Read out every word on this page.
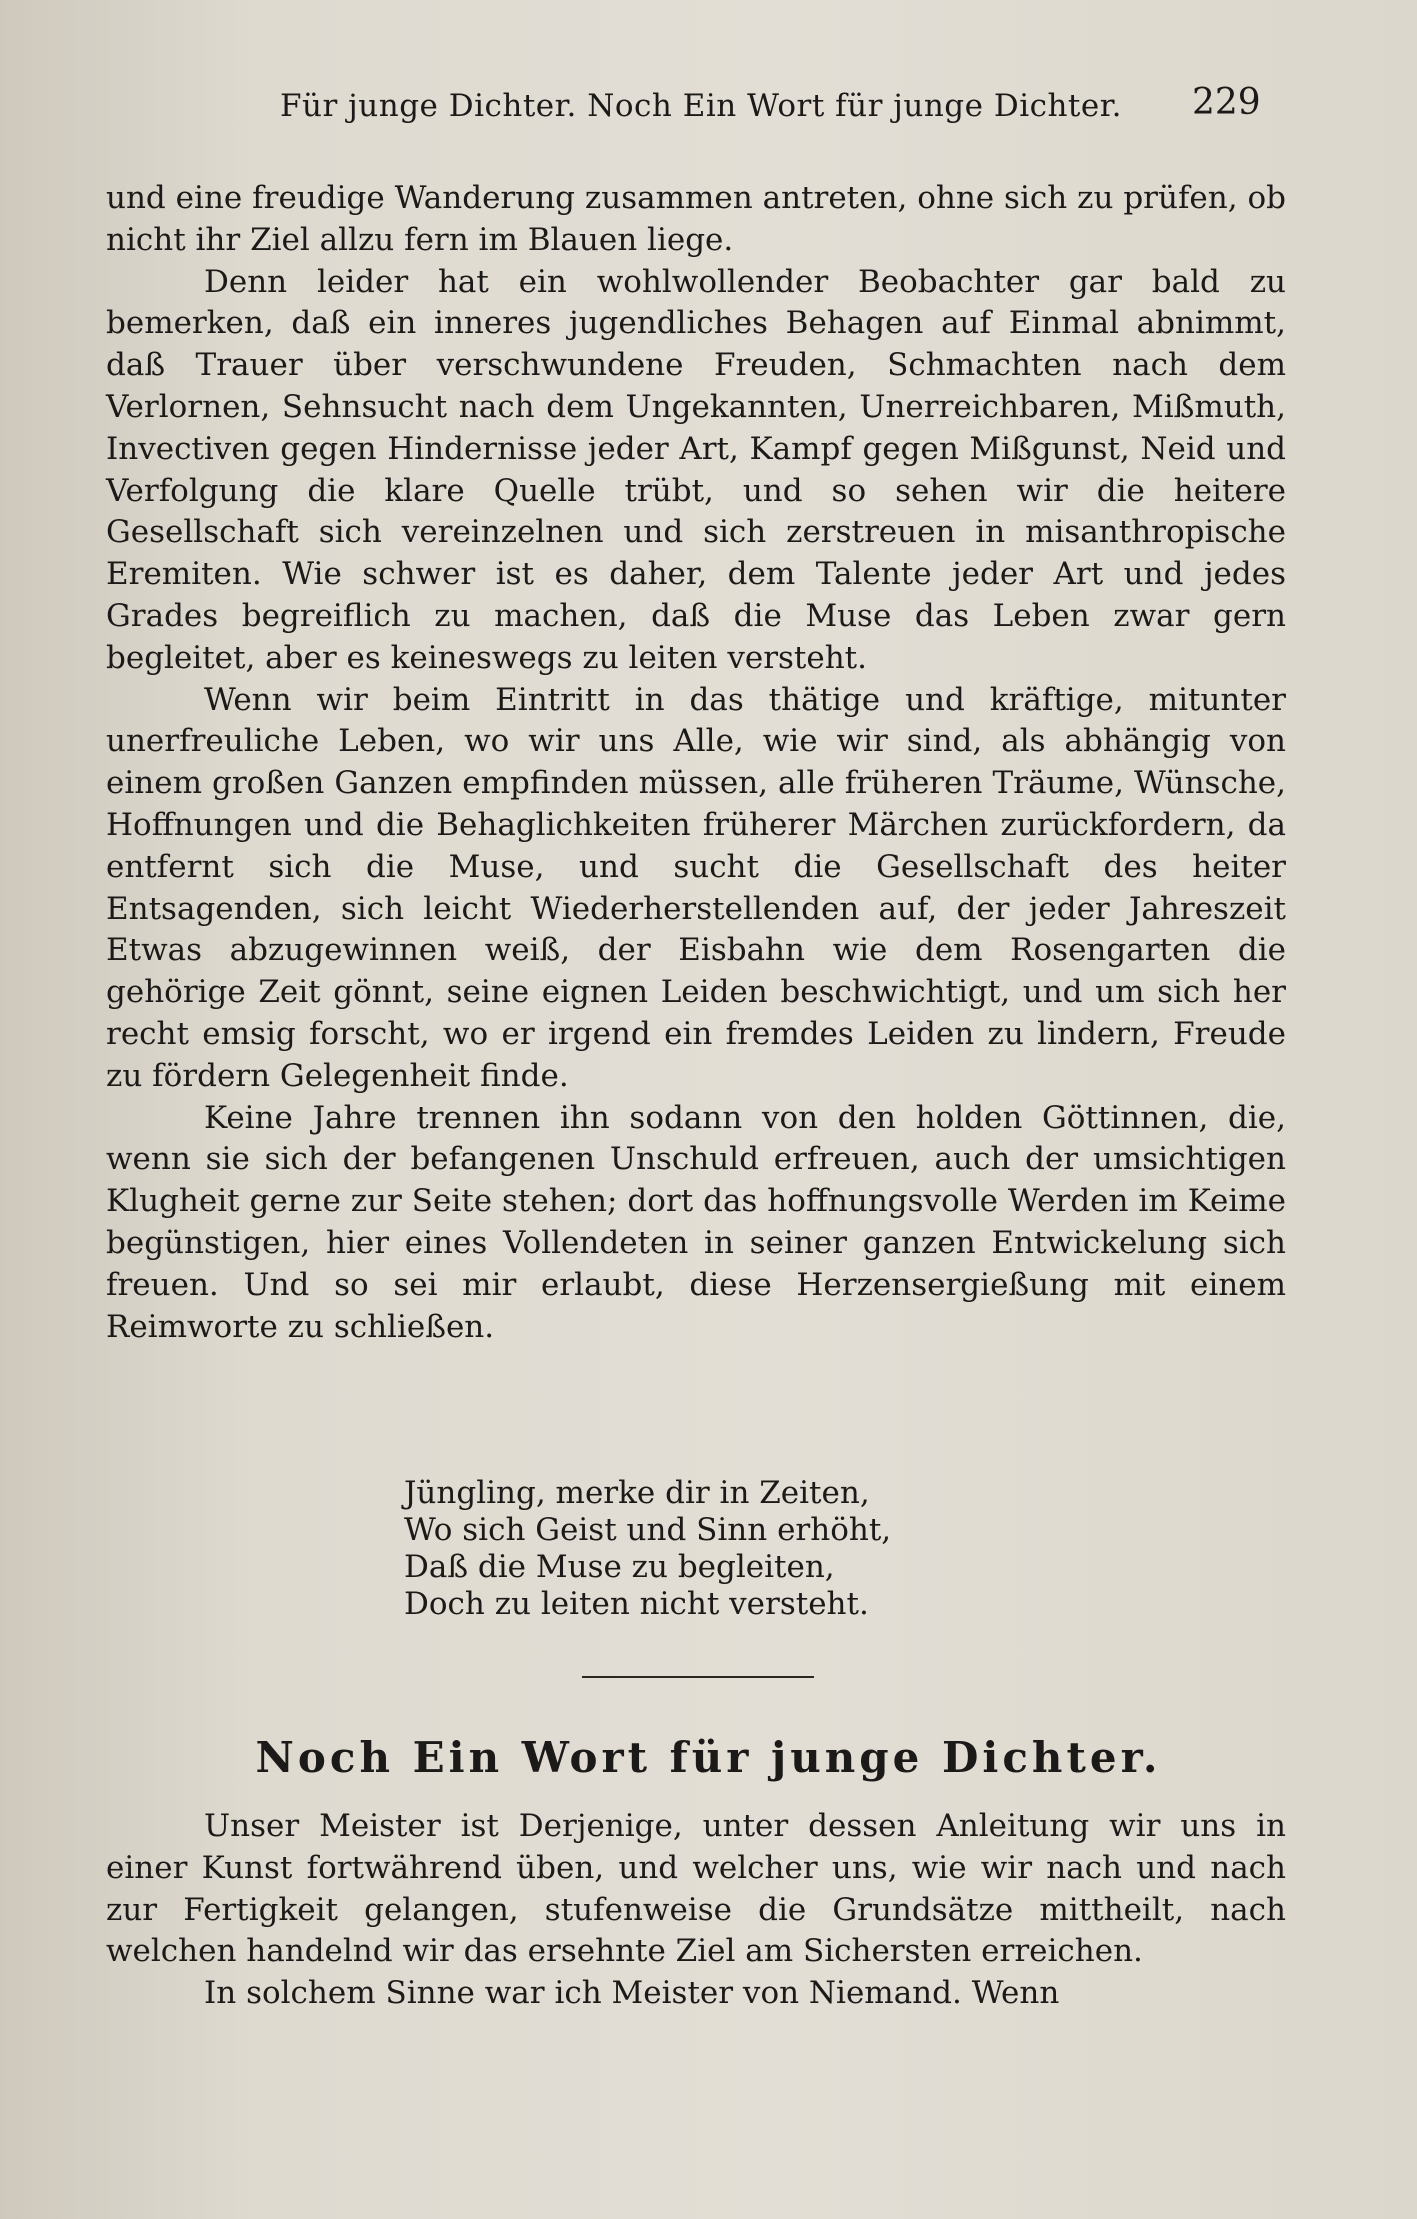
Für junge Dichter. Noch Ein Wort für junge Dichter. 229

und eine freudige Wanderung zusammen antreten, ohne sich zu prüfen, ob nicht ihr Ziel allzu fern im Blauen liege.

Denn leider hat ein wohlwollender Beobachter gar bald zu bemerken, daß ein inneres jugendliches Behagen auf Einmal abnimmt, daß Trauer über verschwundene Freuden, Schmachten nach dem Verlornen, Sehnsucht nach dem Ungekannten, Unerreichbaren, Mißmuth, Invectiven gegen Hindernisse jeder Art, Kampf gegen Mißgunst, Neid und Verfolgung die klare Quelle trübt, und so sehen wir die heitere Gesellschaft sich vereinzelnen und sich zerstreuen in misanthropische Eremiten. Wie schwer ist es daher, dem Talente jeder Art und jedes Grades begreiflich zu machen, daß die Muse das Leben zwar gern begleitet, aber es keineswegs zu leiten versteht.

Wenn wir beim Eintritt in das thätige und kräftige, mitunter unerfreuliche Leben, wo wir uns Alle, wie wir sind, als abhängig von einem großen Ganzen empfinden müssen, alle früheren Träume, Wünsche, Hoffnungen und die Behaglichkeiten früherer Märchen zurückfordern, da entfernt sich die Muse, und sucht die Gesellschaft des heiter Entsagenden, sich leicht Wiederherstellenden auf, der jeder Jahreszeit Etwas abzugewinnen weiß, der Eisbahn wie dem Rosengarten die gehörige Zeit gönnt, seine eignen Leiden beschwichtigt, und um sich her recht emsig forscht, wo er irgend ein fremdes Leiden zu lindern, Freude zu fördern Gelegenheit finde.

Keine Jahre trennen ihn sodann von den holden Göttinnen, die, wenn sie sich der befangenen Unschuld erfreuen, auch der umsichtigen Klugheit gerne zur Seite stehen; dort das hoffnungsvolle Werden im Keime begünstigen, hier eines Vollendeten in seiner ganzen Entwickelung sich freuen. Und so sei mir erlaubt, diese Herzensergießung mit einem Reimworte zu schließen.

Jüngling, merke dir in Zeiten,
Wo sich Geist und Sinn erhöht,
Daß die Muse zu begleiten,
Doch zu leiten nicht versteht.
Noch Ein Wort für junge Dichter.

Unser Meister ist Derjenige, unter dessen Anleitung wir uns in einer Kunst fortwährend üben, und welcher uns, wie wir nach und nach zur Fertigkeit gelangen, stufenweise die Grundsätze mittheilt, nach welchen handelnd wir das ersehnte Ziel am Sichersten erreichen.

In solchem Sinne war ich Meister von Niemand. Wenn
